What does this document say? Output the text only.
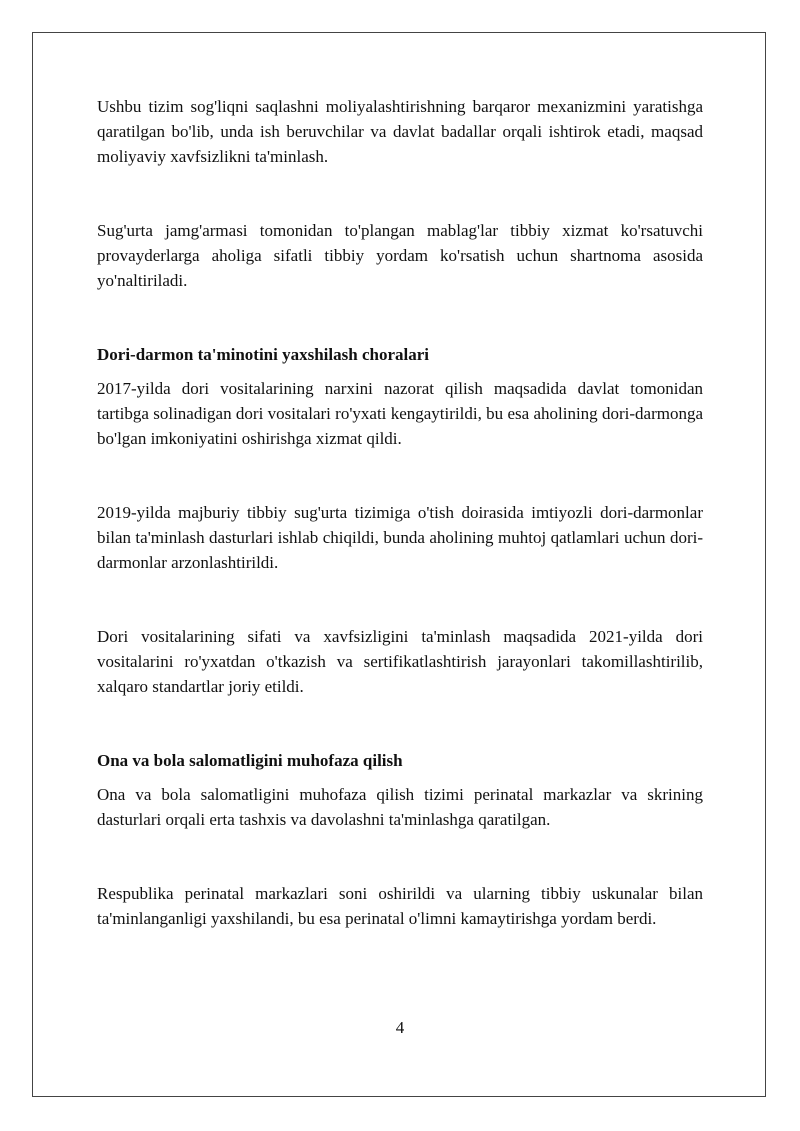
Ushbu tizim sog'liqni saqlashni moliyalashtirishning barqaror mexanizmini yaratishga qaratilgan bo'lib, unda ish beruvchilar va davlat badallar orqali ishtirok etadi, maqsad moliyaviy xavfsizlikni ta'minlash.

Sug'urta jamg'armasi tomonidan to'plangan mablag'lar tibbiy xizmat ko'rsatuvchi provayderlarga aholiga sifatli tibbiy yordam ko'rsatish uchun shartnoma asosida yo'naltiriladi.

Dori-darmon ta'minotini yaxshilash choralari

2017-yilda dori vositalarining narxini nazorat qilish maqsadida davlat tomonidan tartibga solinadigan dori vositalari ro'yxati kengaytirildi, bu esa aholining dori-darmonga bo'lgan imkoniyatini oshirishga xizmat qildi.

2019-yilda majburiy tibbiy sug'urta tizimiga o'tish doirasida imtiyozli dori-darmonlar bilan ta'minlash dasturlari ishlab chiqildi, bunda aholining muhtoj qatlamlari uchun dori-darmonlar arzonlashtirildi.

Dori vositalarining sifati va xavfsizligini ta'minlash maqsadida 2021-yilda dori vositalarini ro'yxatdan o'tkazish va sertifikatlashtirish jarayonlari takomillashtirilib, xalqaro standartlar joriy etildi.

Ona va bola salomatligini muhofaza qilish

Ona va bola salomatligini muhofaza qilish tizimi perinatal markazlar va skrining dasturlari orqali erta tashxis va davolashni ta'minlashga qaratilgan.

Respublika perinatal markazlari soni oshirildi va ularning tibbiy uskunalar bilan ta'minlanganligi yaxshilandi, bu esa perinatal o'limni kamaytirishga yordam berdi.

4
